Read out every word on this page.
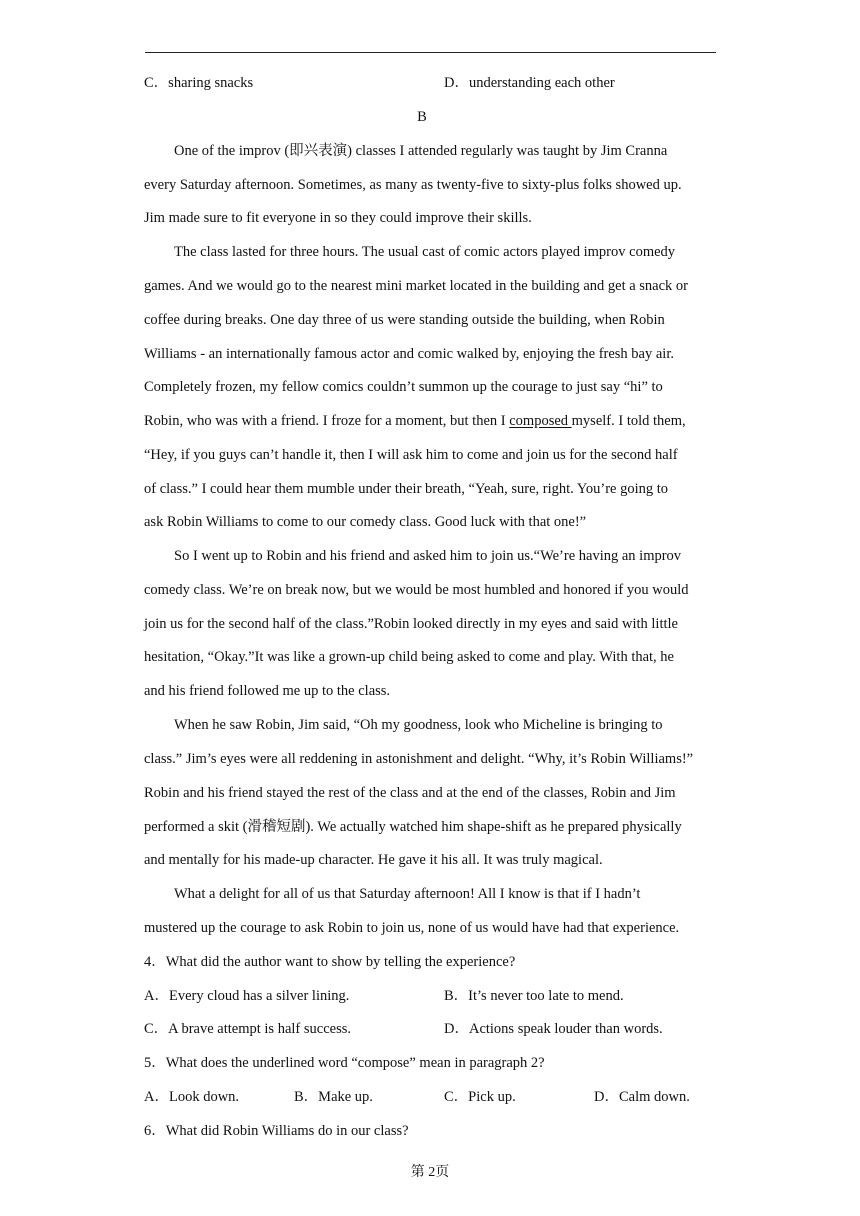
C．sharing snacks	D．understanding each other
B
One of the improv (即兴表演) classes I attended regularly was taught by Jim Cranna
every Saturday afternoon. Sometimes, as many as twenty-five to sixty-plus folks showed up.
Jim made sure to fit everyone in so they could improve their skills.
The class lasted for three hours. The usual cast of comic actors played improv comedy
games. And we would go to the nearest mini market located in the building and get a snack or
coffee during breaks. One day three of us were standing outside the building, when Robin
Williams - an internationally famous actor and comic walked by, enjoying the fresh bay air.
Completely frozen, my fellow comics couldn’t summon up the courage to just say “hi” to
Robin, who was with a friend. I froze for a moment, but then I composed myself. I told them,
“Hey, if you guys can’t handle it, then I will ask him to come and join us for the second half
of class.” I could hear them mumble under their breath, “Yeah, sure, right. You’re going to
ask Robin Williams to come to our comedy class. Good luck with that one!”
So I went up to Robin and his friend and asked him to join us.“We’re having an improv
comedy class. We’re on break now, but we would be most humbled and honored if you would
join us for the second half of the class.”Robin looked directly in my eyes and said with little
hesitation, “Okay.”It was like a grown-up child being asked to come and play. With that, he
and his friend followed me up to the class.
When he saw Robin, Jim said, “Oh my goodness, look who Micheline is bringing to
class.” Jim’s eyes were all reddening in astonishment and delight. “Why, it’s Robin Williams!”
Robin and his friend stayed the rest of the class and at the end of the classes, Robin and Jim
performed a skit (滑稽短剧). We actually watched him shape-shift as he prepared physically
and mentally for his made-up character. He gave it his all. It was truly magical.
What a delight for all of us that Saturday afternoon! All I know is that if I hadn’t
mustered up the courage to ask Robin to join us, none of us would have had that experience.
4．What did the author want to show by telling the experience?
A．Every cloud has a silver lining.	B．It’s never too late to mend.
C．A brave attempt is half success.	D．Actions speak louder than words.
5．What does the underlined word “compose” mean in paragraph 2?
A．Look down.	B．Make up.	C．Pick up.	D．Calm down.
6．What did Robin Williams do in our class?
第 2页
